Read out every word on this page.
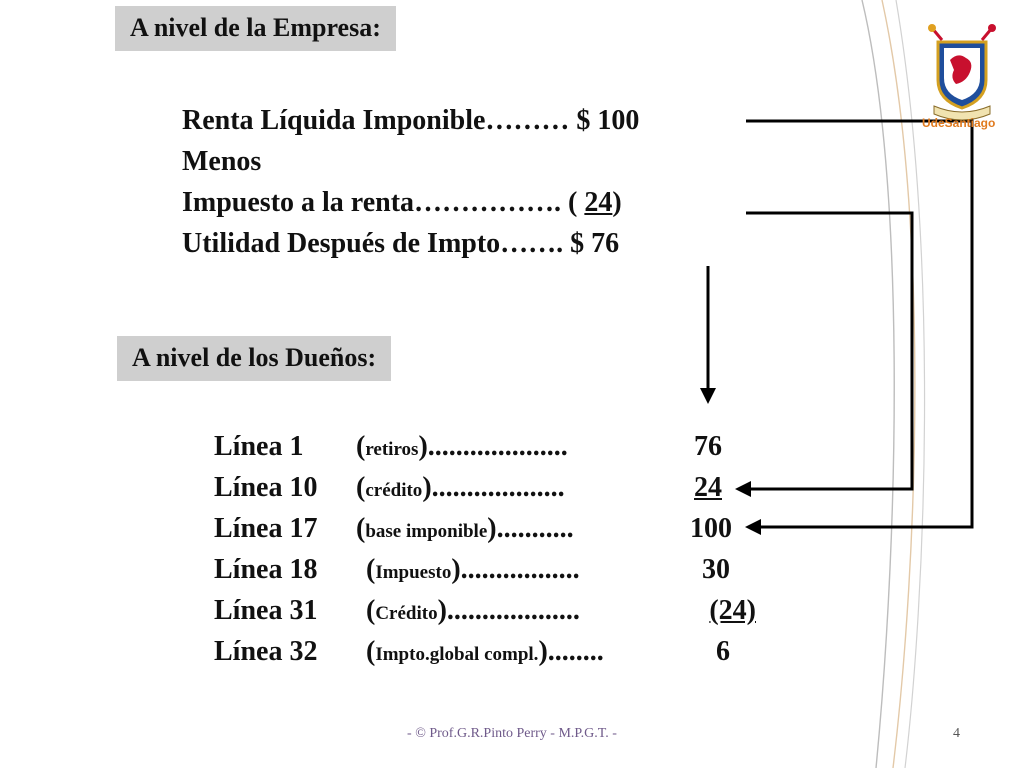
UdeSantiago
A nivel de la Empresa:
Renta Líquida Imponible……… $ 100
Menos
Impuesto a la renta……………. ( 24)
Utilidad Después de Impto……. $ 76
A nivel de los Dueños:
Línea 1 (retiros)....................	76
Línea 10 (crédito)...................	24
Línea 17 (base imponible)...........	100
Línea 18 (Impuesto).................	30
Línea 31 (Crédito)...................	(24)
Línea 32 (Impto.global compl.)........	6
- © Prof.G.R.Pinto Perry - M.P.G.T. -	4
